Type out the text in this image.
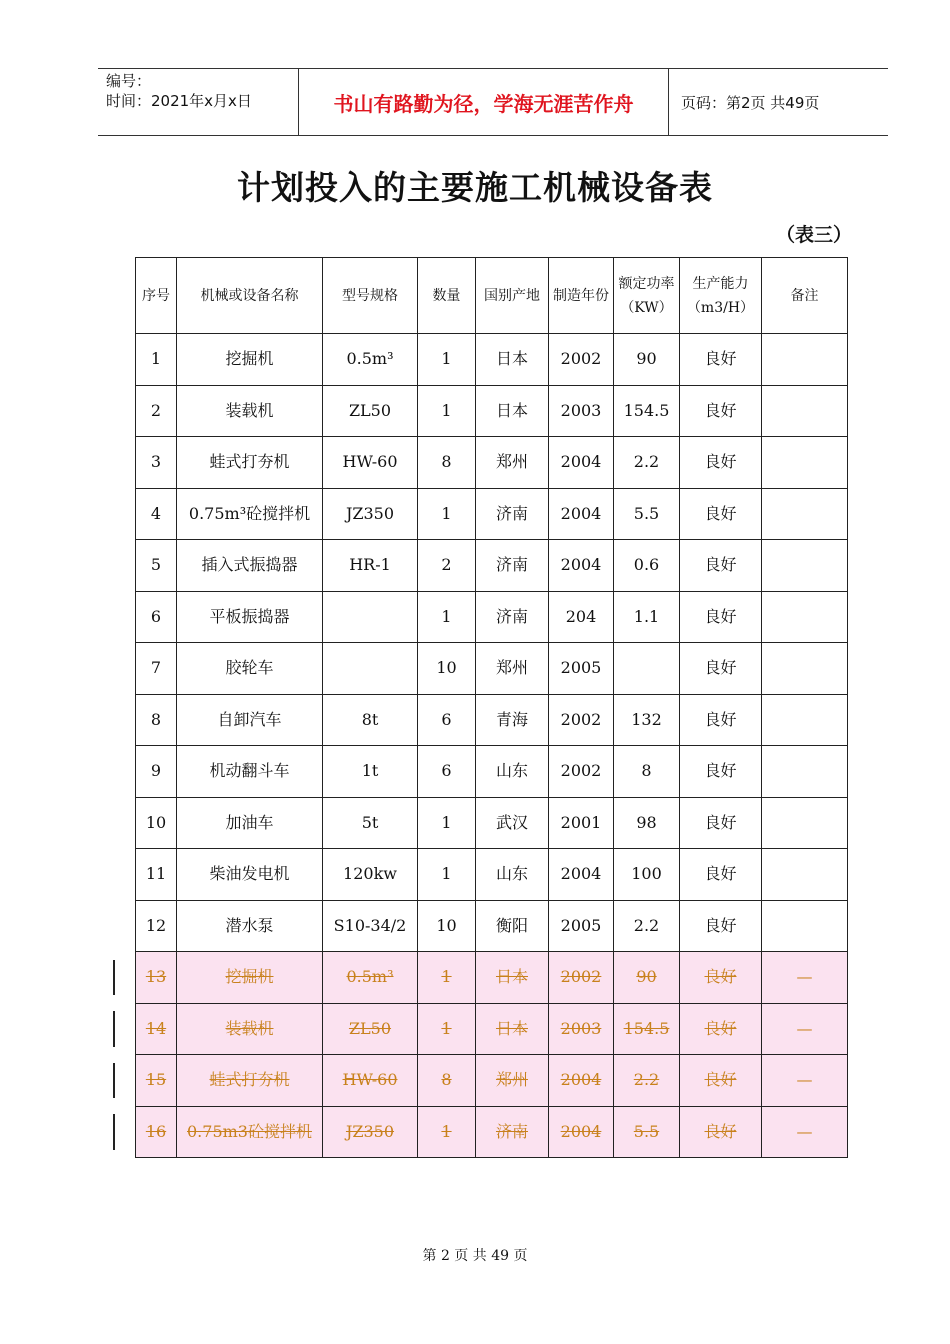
编号：
时间：2021年x月x日	书山有路勤为径，学海无涯苦作舟	页码：第2页 共49页
计划投入的主要施工机械设备表
（表三）
序号	机械或设备名称	型号规格	数量	国别产地	制造年份	额定功率（KW）	生产能力（m3/H）	备注
1	挖掘机	0.5m³	1	日本	2002	90	良好	
2	装载机	ZL50	1	日本	2003	154.5	良好	
3	蛙式打夯机	HW-60	8	郑州	2004	2.2	良好	
4	0.75m³砼搅拌机	JZ350	1	济南	2004	5.5	良好	
5	插入式振捣器	HR-1	2	济南	2004	0.6	良好	
6	平板振捣器		1	济南	204	1.1	良好	
7	胶轮车		10	郑州	2005		良好	
8	自卸汽车	8t	6	青海	2002	132	良好	
9	机动翻斗车	1t	6	山东	2002	8	良好	
10	加油车	5t	1	武汉	2001	98	良好	
11	柴油发电机	120kw	1	山东	2004	100	良好	
12	潜水泵	S10-34/2	10	衡阳	2005	2.2	良好	
13	挖掘机	0.5m³	1	日本	2002	90	良好	—
14	装载机	ZL50	1	日本	2003	154.5	良好	—
15	蛙式打夯机	HW-60	8	郑州	2004	2.2	良好	—
16	0.75m3砼搅拌机	JZ350	1	济南	2004	5.5	良好	—
第 2 页 共 49 页
